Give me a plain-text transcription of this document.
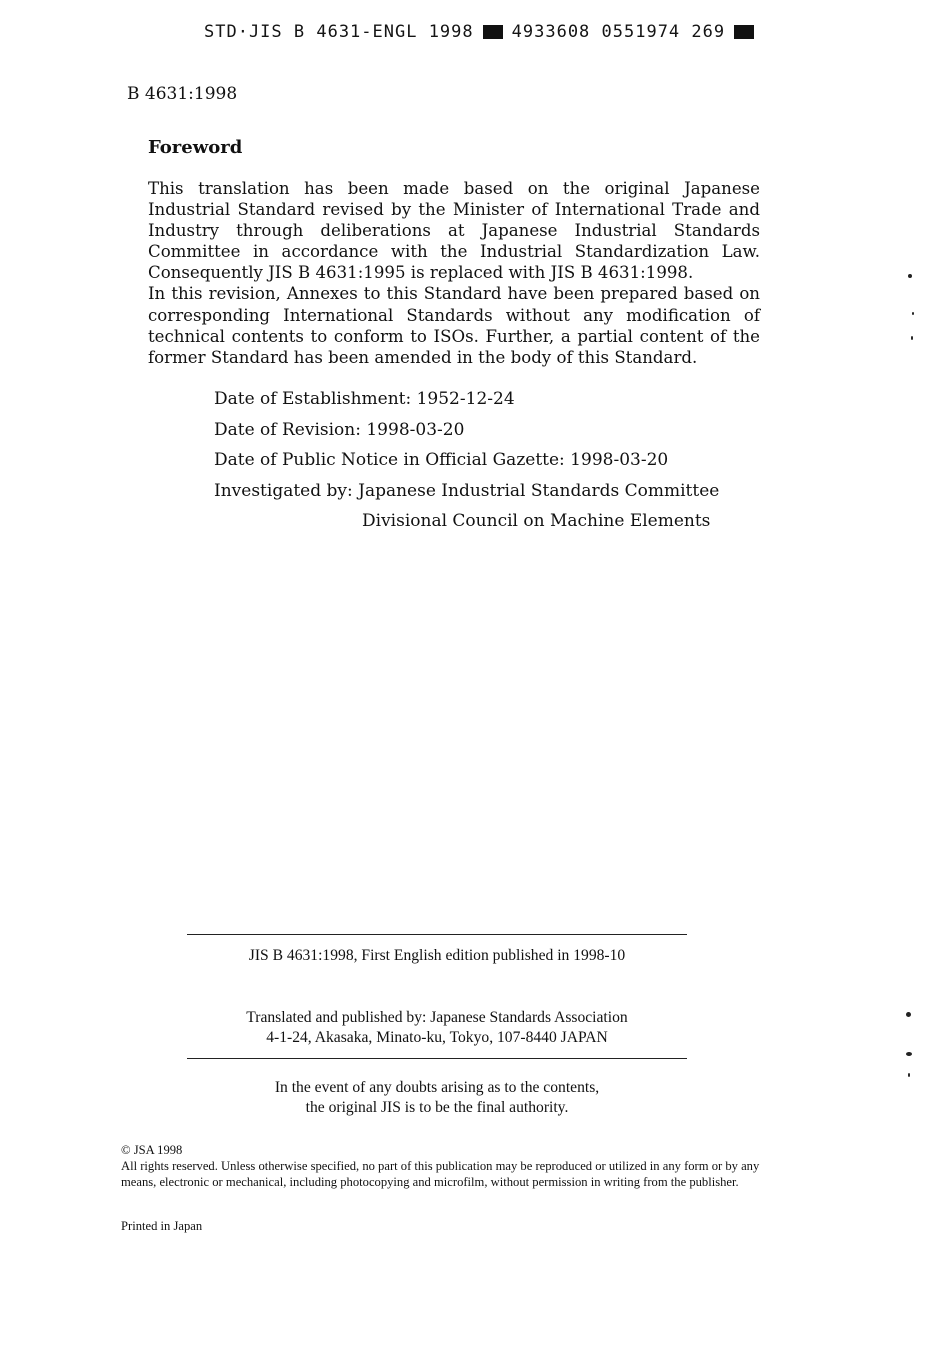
STD·JIS B 4631-ENGL 1998 4933608 0551974 269
B 4631:1998
Foreword

This translation has been made based on the original Japanese Industrial Standard revised by the Minister of International Trade and Industry through deliberations at Japanese Industrial Standards Committee in accordance with the Industrial Standardization Law. Consequently JIS B 4631:1995 is replaced with JIS B 4631:1998.

In this revision, Annexes to this Standard have been prepared based on corresponding International Standards without any modification of technical contents to conform to ISOs. Further, a partial content of the former Standard has been amended in the body of this Standard.

Date of Establishment: 1952-12-24
Date of Revision: 1998-03-20
Date of Public Notice in Official Gazette: 1998-03-20
Investigated by: Japanese Industrial Standards Committee
Divisional Council on Machine Elements
JIS B 4631:1998, First English edition published in 1998-10
Translated and published by: Japanese Standards Association
4-1-24, Akasaka, Minato-ku, Tokyo, 107-8440 JAPAN
In the event of any doubts arising as to the contents,
the original JIS is to be the final authority.

© JSA 1998

All rights reserved. Unless otherwise specified, no part of this publication may be reproduced or utilized in any form or by any means, electronic or mechanical, including photocopying and microfilm, without permission in writing from the publisher.

Printed in Japan
